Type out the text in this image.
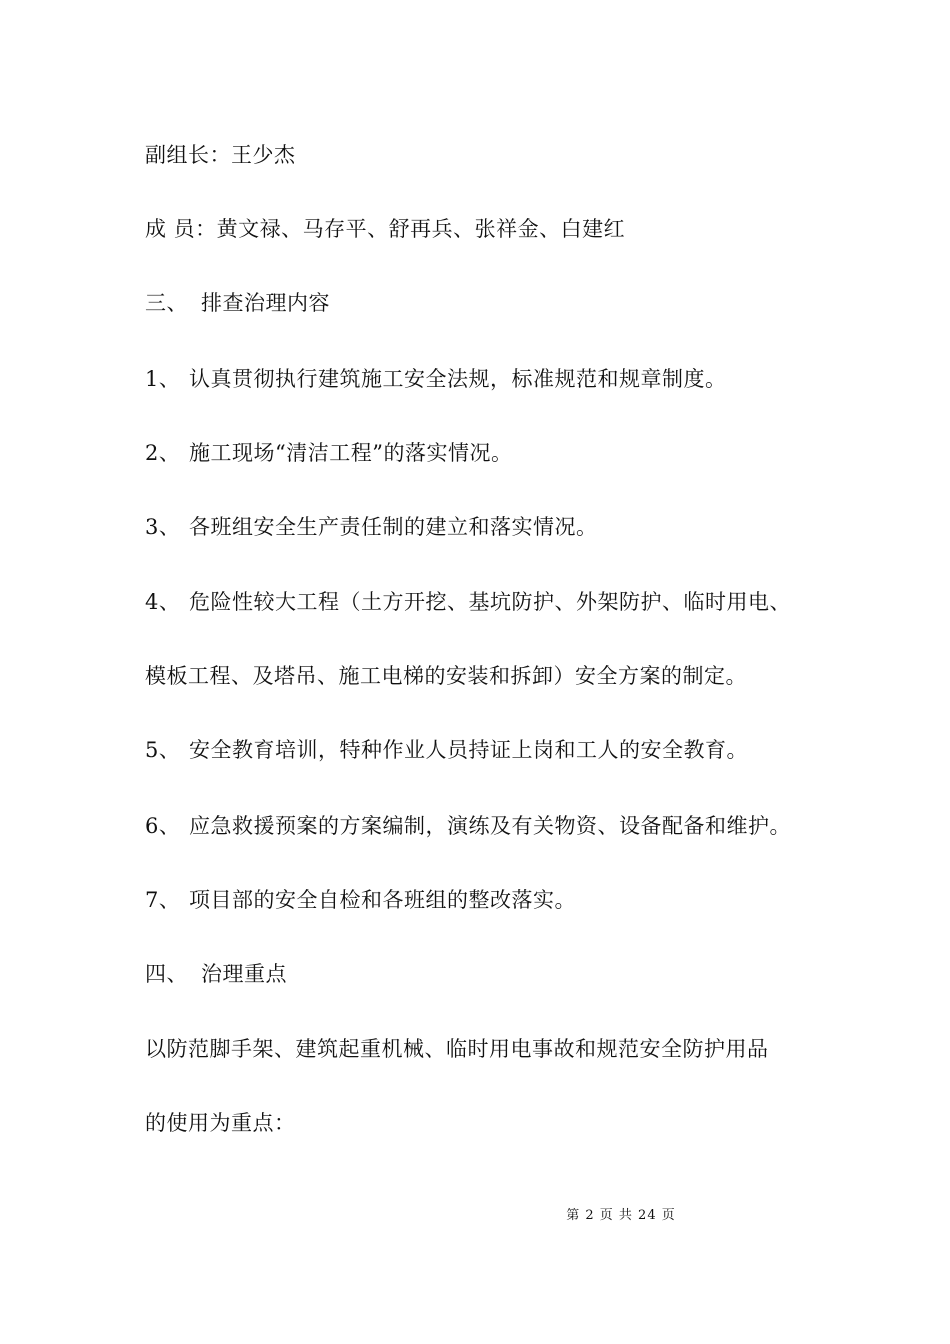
副组长：王少杰
成 员：黄文禄、马存平、舒再兵、张祥金、白建红
三、 排查治理内容
1、 认真贯彻执行建筑施工安全法规，标准规范和规章制度。
2、 施工现场“清洁工程”的落实情况。
3、 各班组安全生产责任制的建立和落实情况。
4、 危险性较大工程（土方开挖、基坑防护、外架防护、临时用电、
模板工程、及塔吊、施工电梯的安装和拆卸）安全方案的制定。
5、 安全教育培训，特种作业人员持证上岗和工人的安全教育。
6、 应急救援预案的方案编制，演练及有关物资、设备配备和维护。
7、 项目部的安全自检和各班组的整改落实。
四、 治理重点
以防范脚手架、建筑起重机械、临时用电事故和规范安全防护用品
的使用为重点：
第 2 页 共 24 页
